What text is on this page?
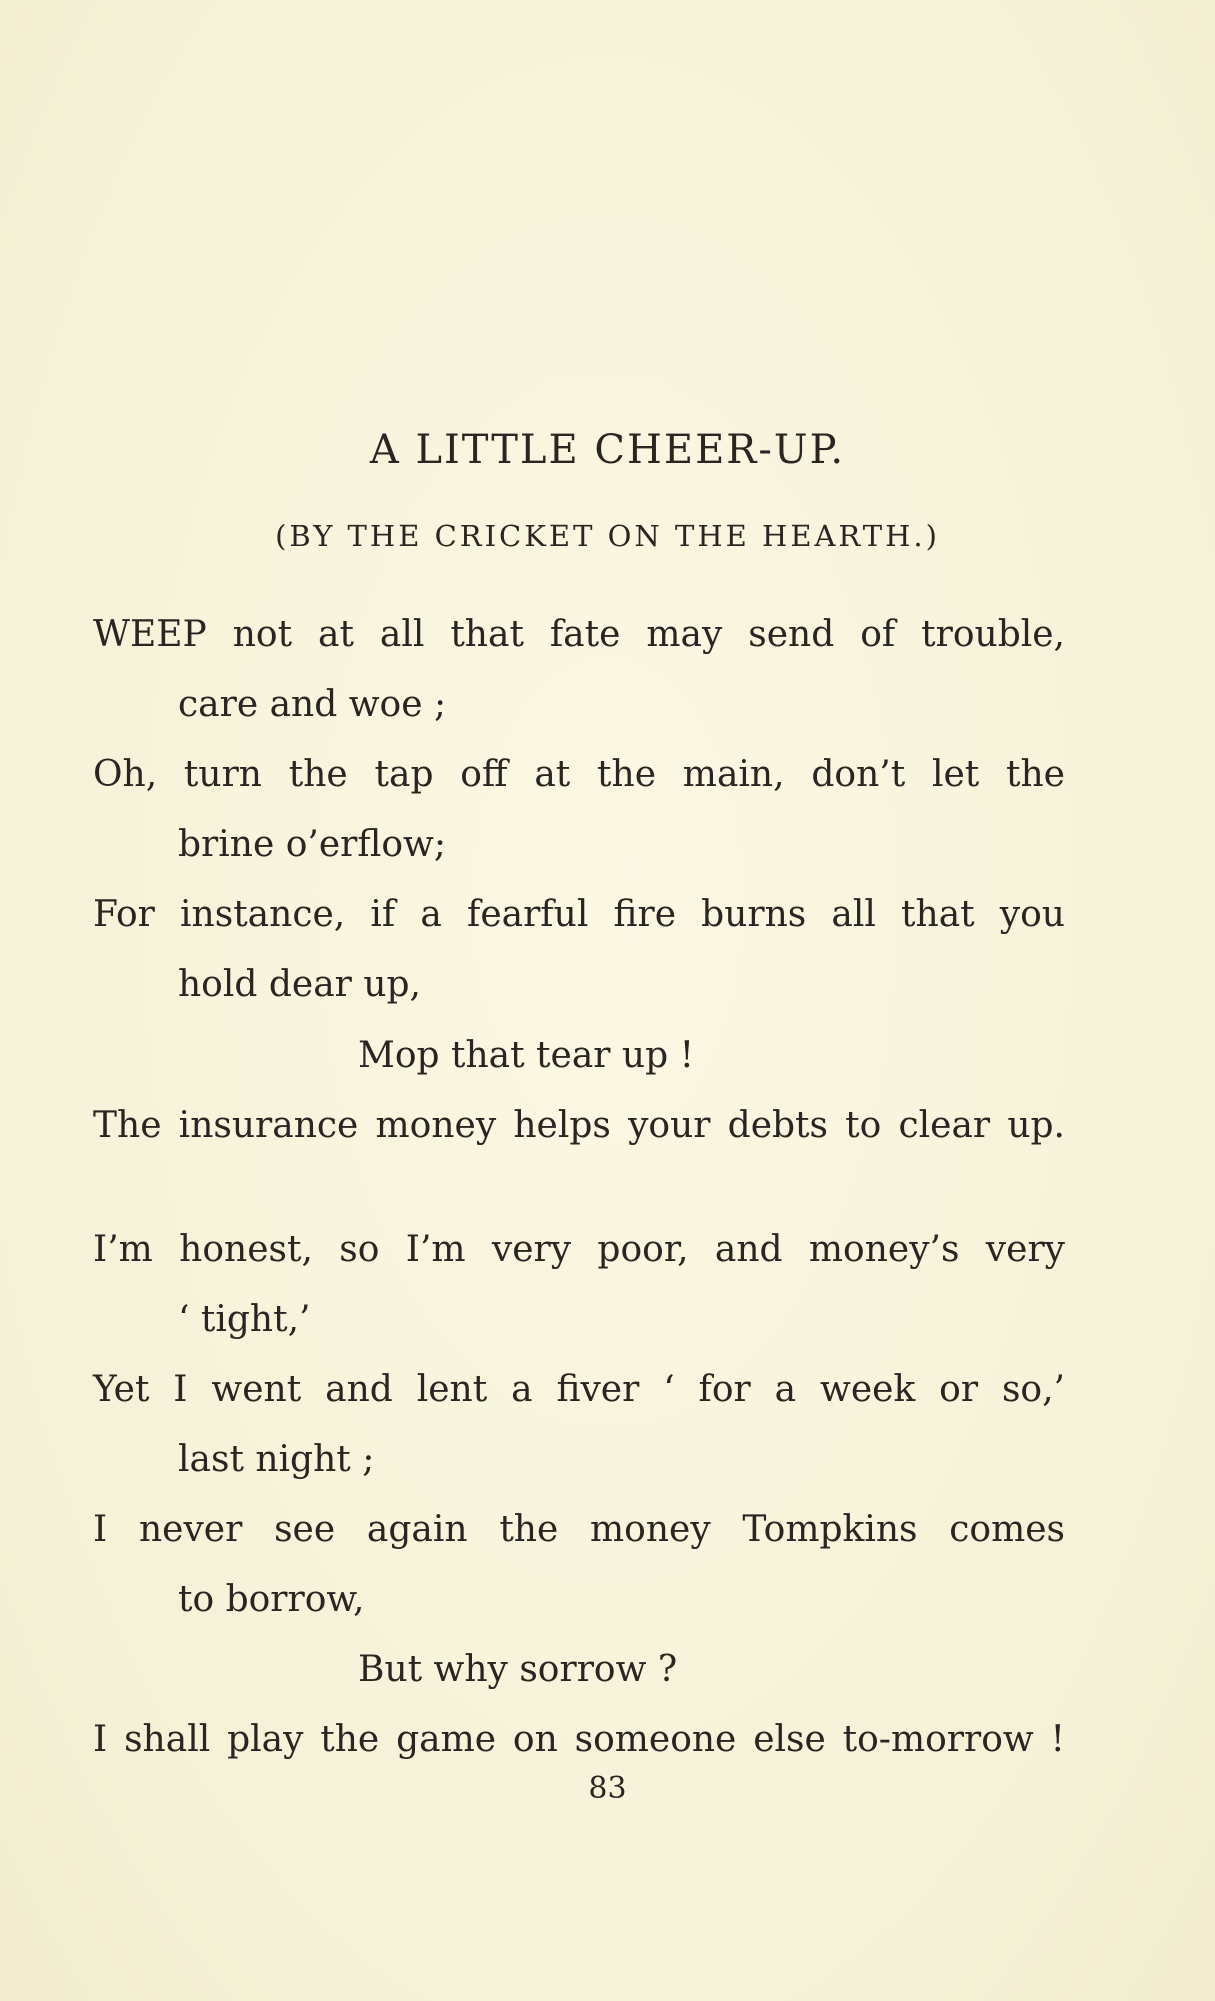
A LITTLE CHEER-UP.
(BY THE CRICKET ON THE HEARTH.)
WEEP not at all that fate may send of trouble,
care and woe ;
Oh, turn the tap off at the main, don’t let the
brine o’erflow;
For instance, if a fearful fire burns all that you
hold dear up,
Mop that tear up !
The insurance money helps your debts to clear up.
I’m honest, so I’m very poor, and money’s very
‘ tight,’
Yet I went and lent a fiver ‘ for a week or so,’
last night ;
I never see again the money Tompkins comes
to borrow,
But why sorrow ?
I shall play the game on someone else to-morrow !
83
